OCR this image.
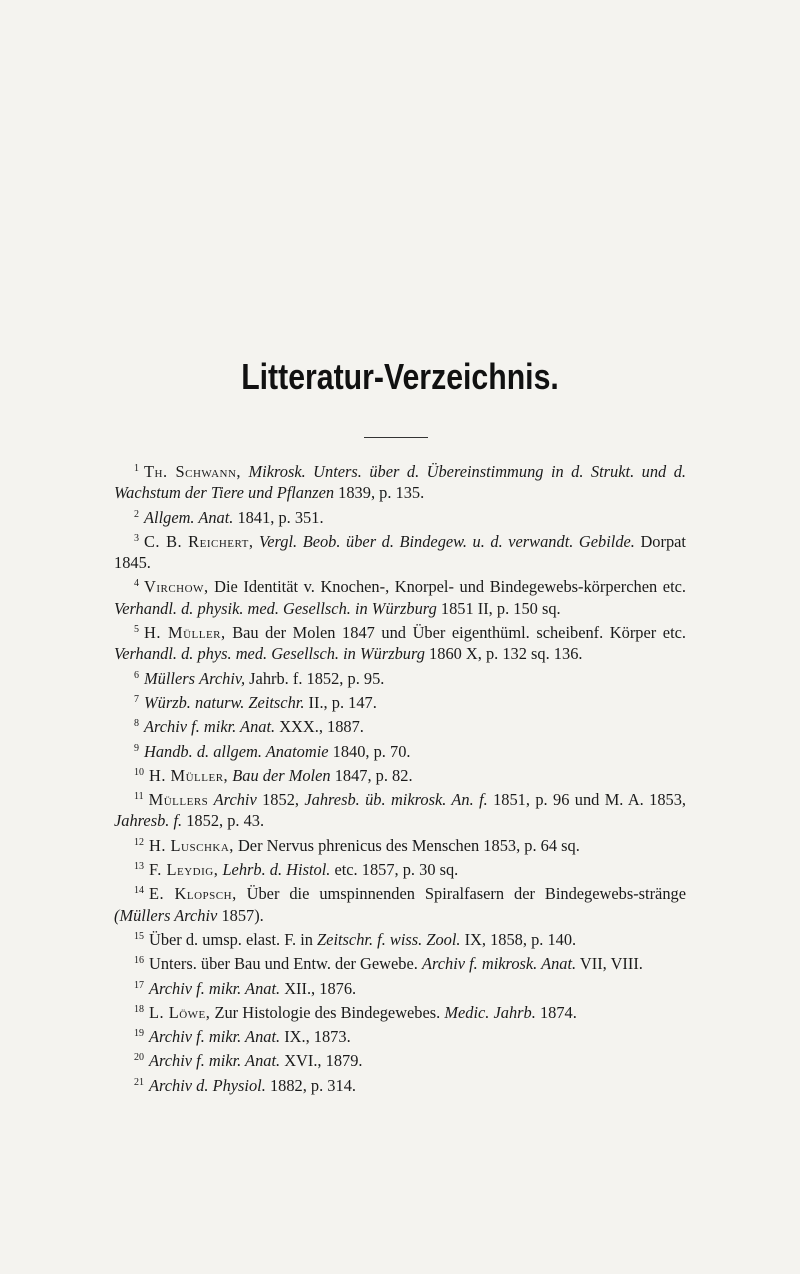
Litteratur-Verzeichnis.

$^1$ Th. Schwann, Mikrosk. Unters. über d. Übereinstimmung in d. Strukt. und d. Wachstum der Tiere und Pflanzen 1839, p. 135.

$^2$ Allgem. Anat. 1841, p. 351.

$^3$ C. B. Reichert, Vergl. Beob. über d. Bindegew. u. d. verwandt. Gebilde. Dorpat 1845.

$^4$ Virchow, Die Identität v. Knochen-, Knorpel- und Bindegewebs-körperchen etc. Verhandl. d. physik. med. Gesellsch. in Würzburg 1851 II, p. 150 sq.

$^5$ H. Müller, Bau der Molen 1847 und Über eigenthüml. scheibenf. Körper etc. Verhandl. d. phys. med. Gesellsch. in Würzburg 1860 X, p. 132 sq. 136.

$^6$ Müllers Archiv, Jahrb. f. 1852, p. 95.

$^7$ Würzb. naturw. Zeitschr. II., p. 147.

$^8$ Archiv f. mikr. Anat. XXX., 1887.

$^9$ Handb. d. allgem. Anatomie 1840, p. 70.

$^{10}$ H. Müller, Bau der Molen 1847, p. 82.

$^{11}$ Müllers Archiv 1852, Jahresb. üb. mikrosk. An. f. 1851, p. 96 und M. A. 1853, Jahresb. f. 1852, p. 43.

$^{12}$ H. Luschka, Der Nervus phrenicus des Menschen 1853, p. 64 sq.

$^{13}$ F. Leydig, Lehrb. d. Histol. etc. 1857, p. 30 sq.

$^{14}$ E. Klopsch, Über die umspinnenden Spiralfasern der Bindegewebs-stränge (Müllers Archiv 1857).

$^{15}$ Über d. umsp. elast. F. in Zeitschr. f. wiss. Zool. IX, 1858, p. 140.

$^{16}$ Unters. über Bau und Entw. der Gewebe. Archiv f. mikrosk. Anat. VII, VIII.

$^{17}$ Archiv f. mikr. Anat. XII., 1876.

$^{18}$ L. Löwe, Zur Histologie des Bindegewebes. Medic. Jahrb. 1874.

$^{19}$ Archiv f. mikr. Anat. IX., 1873.

$^{20}$ Archiv f. mikr. Anat. XVI., 1879.

$^{21}$ Archiv d. Physiol. 1882, p. 314.
